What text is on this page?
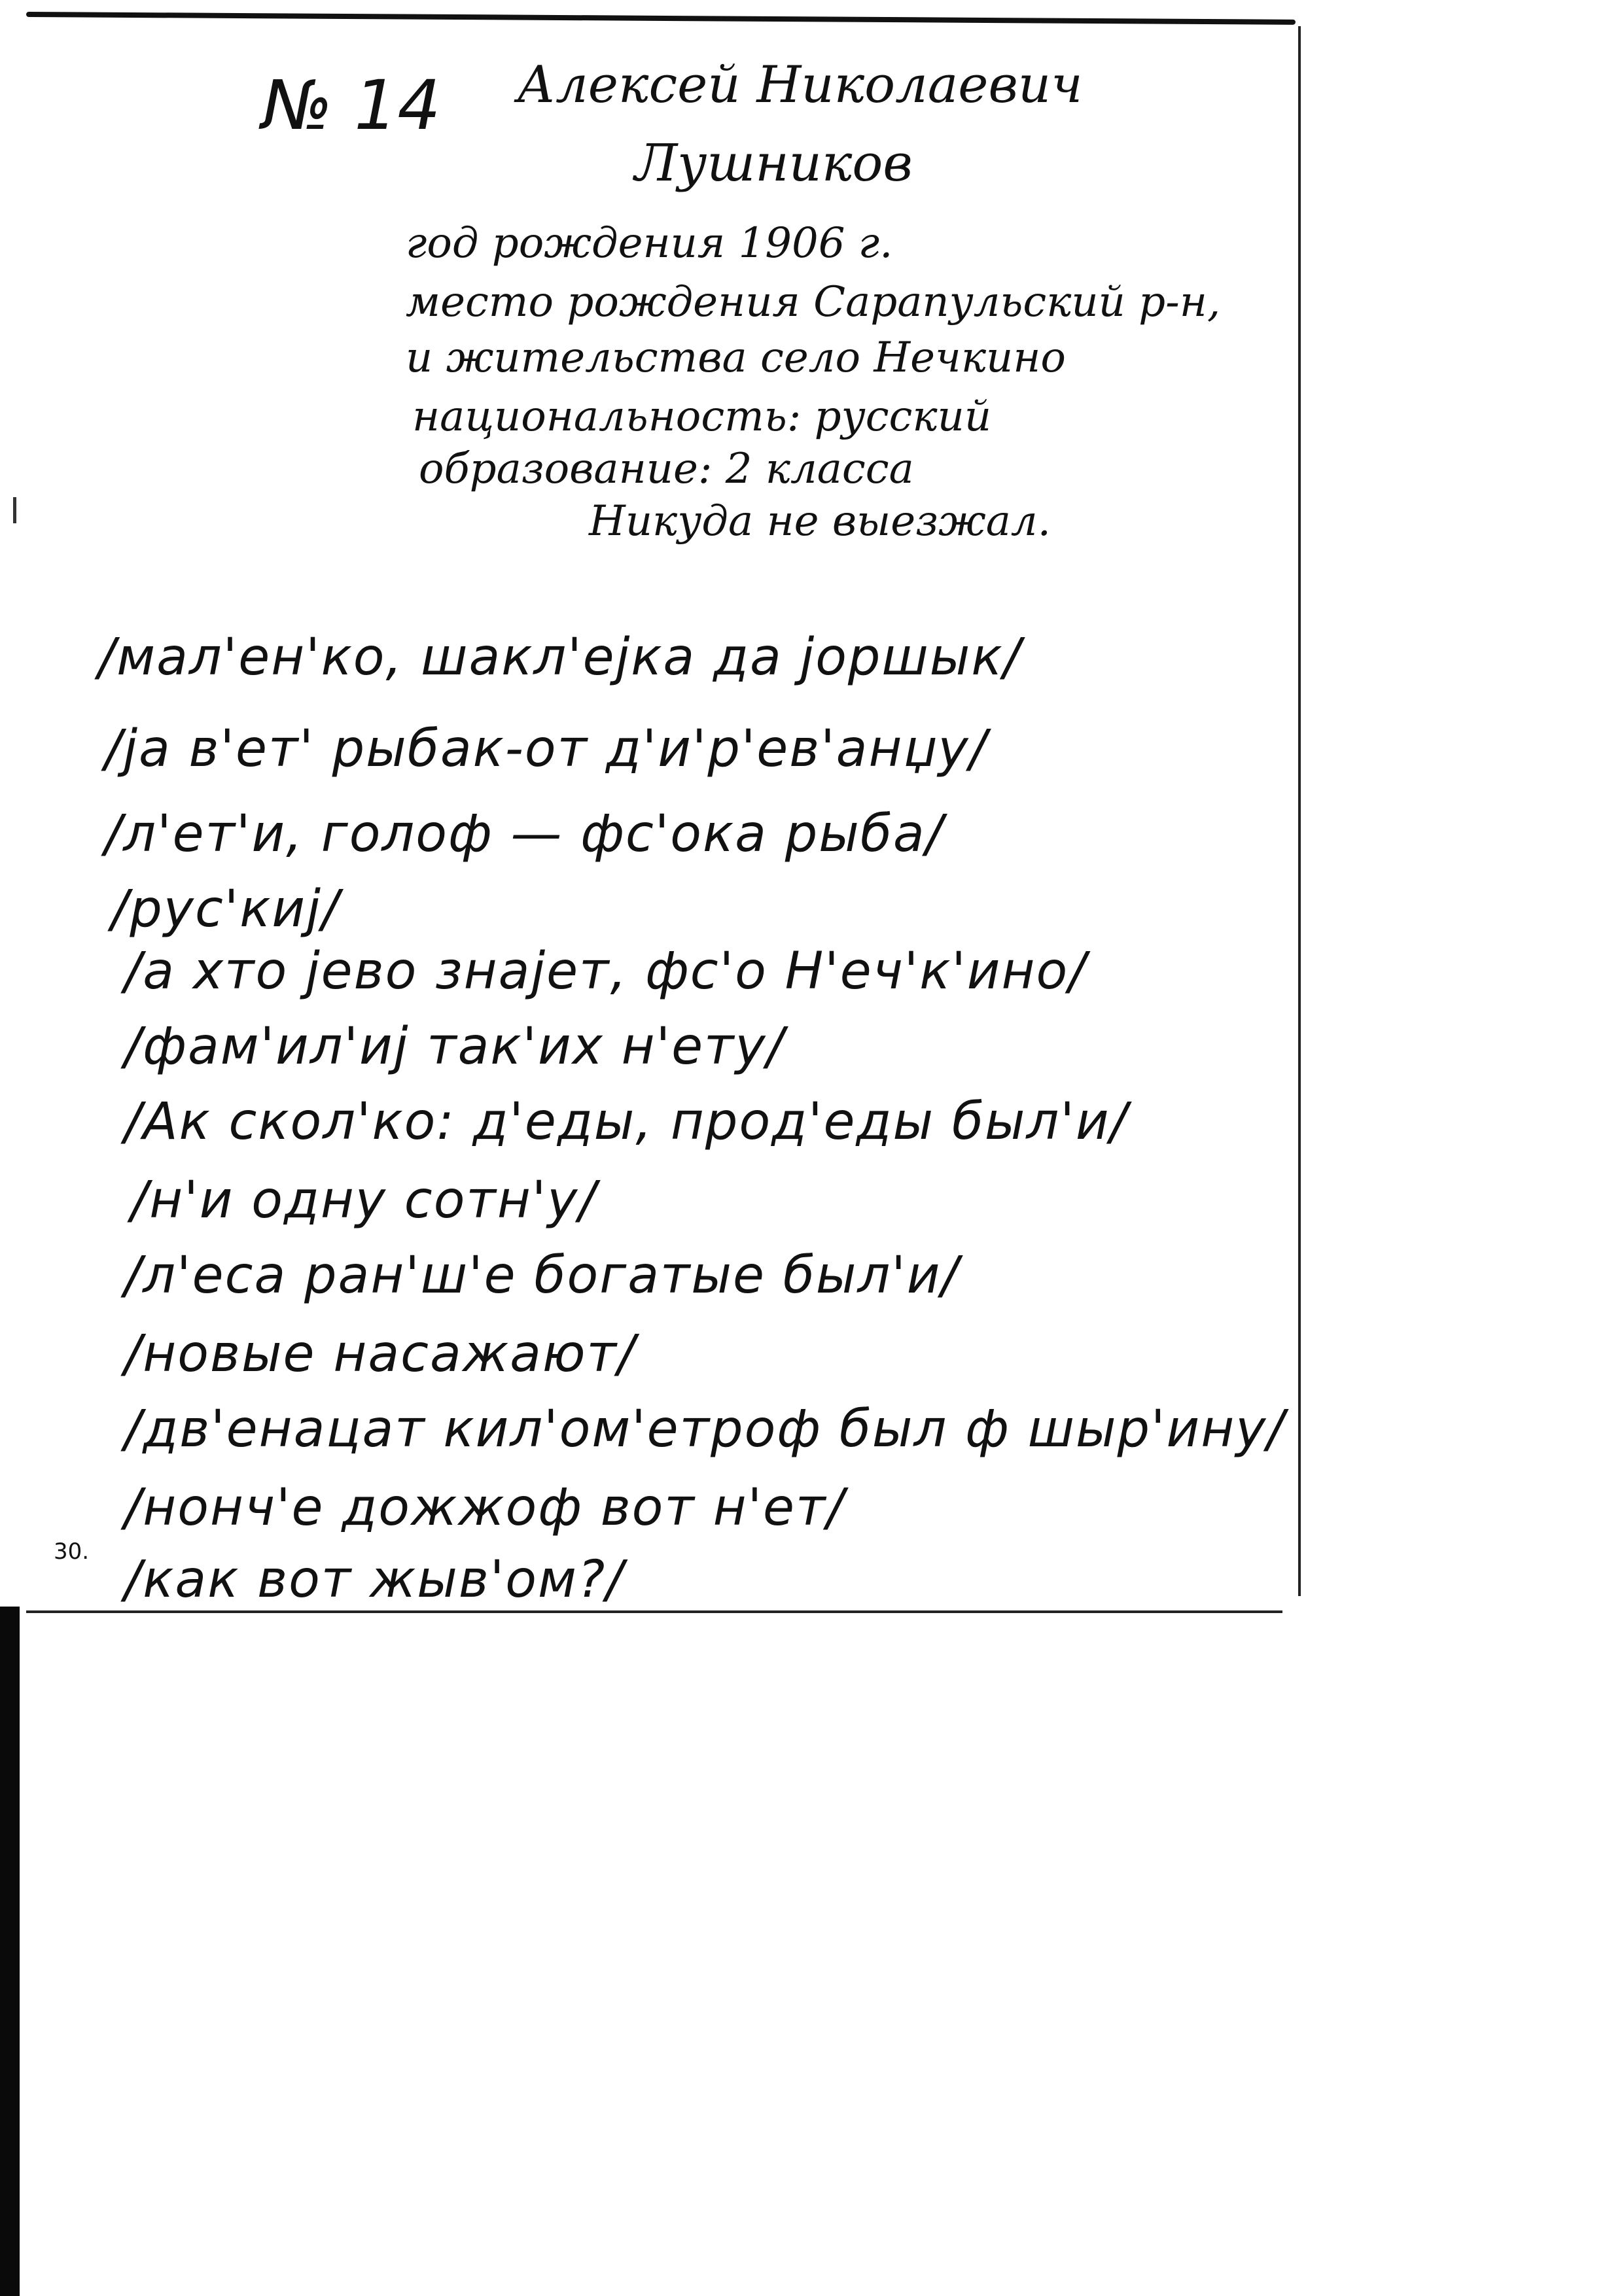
№ 14 Алексей Николаевич
Лушников
год рождения 1906 г.
место рождения Сарапульский р-н,
и жительства село Нечкино
национальность: русский
образование: 2 класса
Никуда не выезжал.
/мал'ен'ко, шакл'ејка да јоршык/
/ја в'ет' рыбак-от д'и'р'ев'анџу/
/л'ет'и, голоф — фс'ока рыба/
/рус'киј/
/а хто јево знајет, фс'о Н'еч'к'ино/
/фам'ил'иј так'их н'ету/
/Ак скол'ко: д'еды, прод'еды был'и/
/н'и одну сотн'у/
/л'еса ран'ш'е богатые был'и/
/новые насажают/
/дв'енацат кил'ом'етроф был ф шыр'ину/
/нонч'е дожжоф вот н'ет/
/как вот жыв'ом?/
30.
